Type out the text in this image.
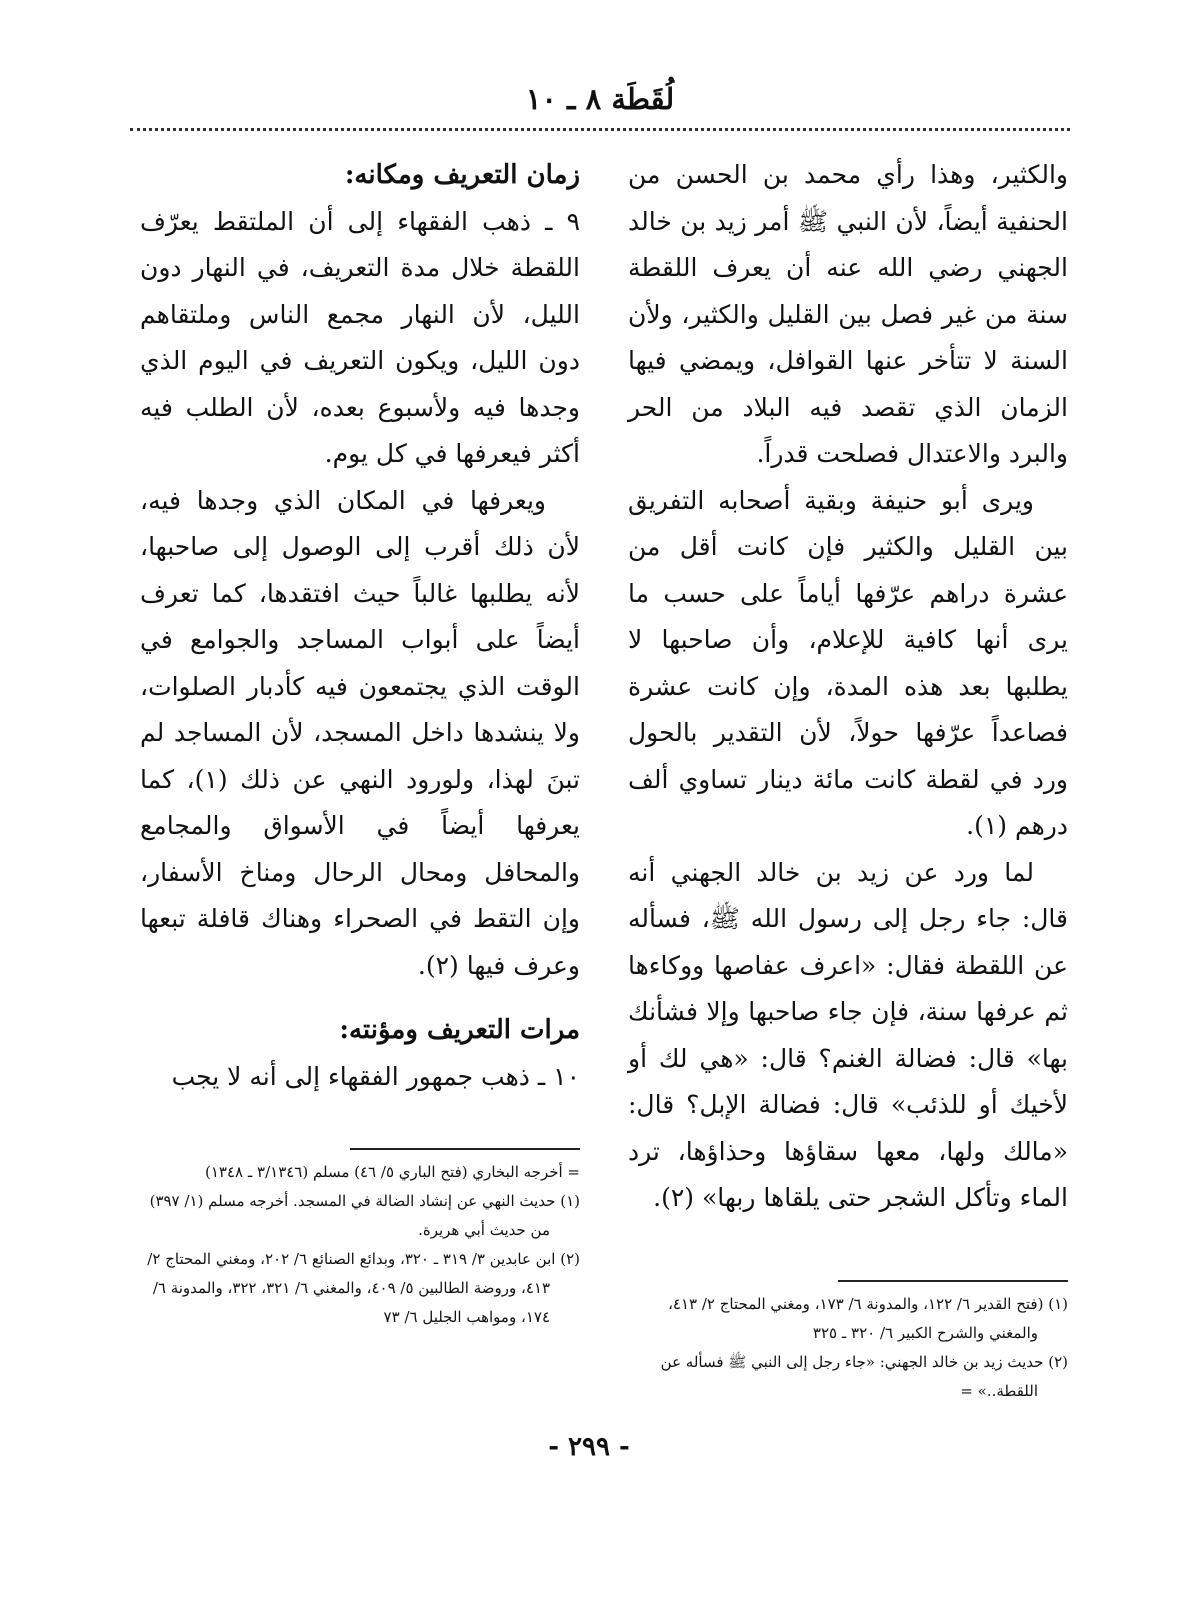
لُقَطَة ٨ ـ ١٠

والكثير، وهذا رأي محمد بن الحسن من الحنفية أيضاً، لأن النبي ﷺ أمر زيد بن خالد الجهني رضي الله عنه أن يعرف اللقطة سنة من غير فصل بين القليل والكثير، ولأن السنة لا تتأخر عنها القوافل، ويمضي فيها الزمان الذي تقصد فيه البلاد من الحر والبرد والاعتدال فصلحت قدراً.

ويرى أبو حنيفة وبقية أصحابه التفريق بين القليل والكثير فإن كانت أقل من عشرة دراهم عرّفها أياماً على حسب ما يرى أنها كافية للإعلام، وأن صاحبها لا يطلبها بعد هذه المدة، وإن كانت عشرة فصاعداً عرّفها حولاً، لأن التقدير بالحول ورد في لقطة كانت مائة دينار تساوي ألف درهم (١).

لما ورد عن زيد بن خالد الجهني أنه قال: جاء رجل إلى رسول الله ﷺ، فسأله عن اللقطة فقال: «اعرف عفاصها ووكاءها ثم عرفها سنة، فإن جاء صاحبها وإلا فشأنك بها» قال: فضالة الغنم؟ قال: «هي لك أو لأخيك أو للذئب» قال: فضالة الإبل؟ قال: «مالك ولها، معها سقاؤها وحذاؤها، ترد الماء وتأكل الشجر حتى يلقاها ربها» (٢).

زمان التعريف ومكانه:

٩ ـ ذهب الفقهاء إلى أن الملتقط يعرّف اللقطة خلال مدة التعريف، في النهار دون الليل، لأن النهار مجمع الناس وملتقاهم دون الليل، ويكون التعريف في اليوم الذي وجدها فيه ولأسبوع بعده، لأن الطلب فيه أكثر فيعرفها في كل يوم.

ويعرفها في المكان الذي وجدها فيه، لأن ذلك أقرب إلى الوصول إلى صاحبها، لأنه يطلبها غالباً حيث افتقدها، كما تعرف أيضاً على أبواب المساجد والجوامع في الوقت الذي يجتمعون فيه كأدبار الصلوات، ولا ينشدها داخل المسجد، لأن المساجد لم تبنَ لهذا، ولورود النهي عن ذلك (١)، كما يعرفها أيضاً في الأسواق والمجامع والمحافل ومحال الرحال ومناخ الأسفار، وإن التقط في الصحراء وهناك قافلة تبعها وعرف فيها (٢).

مرات التعريف ومؤنته:

١٠ ـ ذهب جمهور الفقهاء إلى أنه لا يجب

(١) (فتح القدير ٦/ ١٢٢، والمدونة ٦/ ١٧٣، ومغني المحتاج ٢/ ٤١٣، والمغني والشرح الكبير ٦/ ٣٢٠ ـ ٣٢٥

(٢) حديث زيد بن خالد الجهني: «جاء رجل إلى النبي ﷺ فسأله عن اللقطة..» =

= أخرجه البخاري (فتح الباري ٥/ ٤٦) مسلم (٣/١٣٤٦ ـ ١٣٤٨)

(١) حديث النهي عن إنشاد الضالة في المسجد. أخرجه مسلم (١/ ٣٩٧) من حديث أبي هريرة.

(٢) ابن عابدين ٣/ ٣١٩ ـ ٣٢٠، وبدائع الصنائع ٦/ ٢٠٢، ومغني المحتاج ٢/ ٤١٣، وروضة الطالبين ٥/ ٤٠٩، والمغني ٦/ ٣٢١، ٣٢٢، والمدونة ٦/ ١٧٤، ومواهب الجليل ٦/ ٧٣

- ٢٩٩ -
